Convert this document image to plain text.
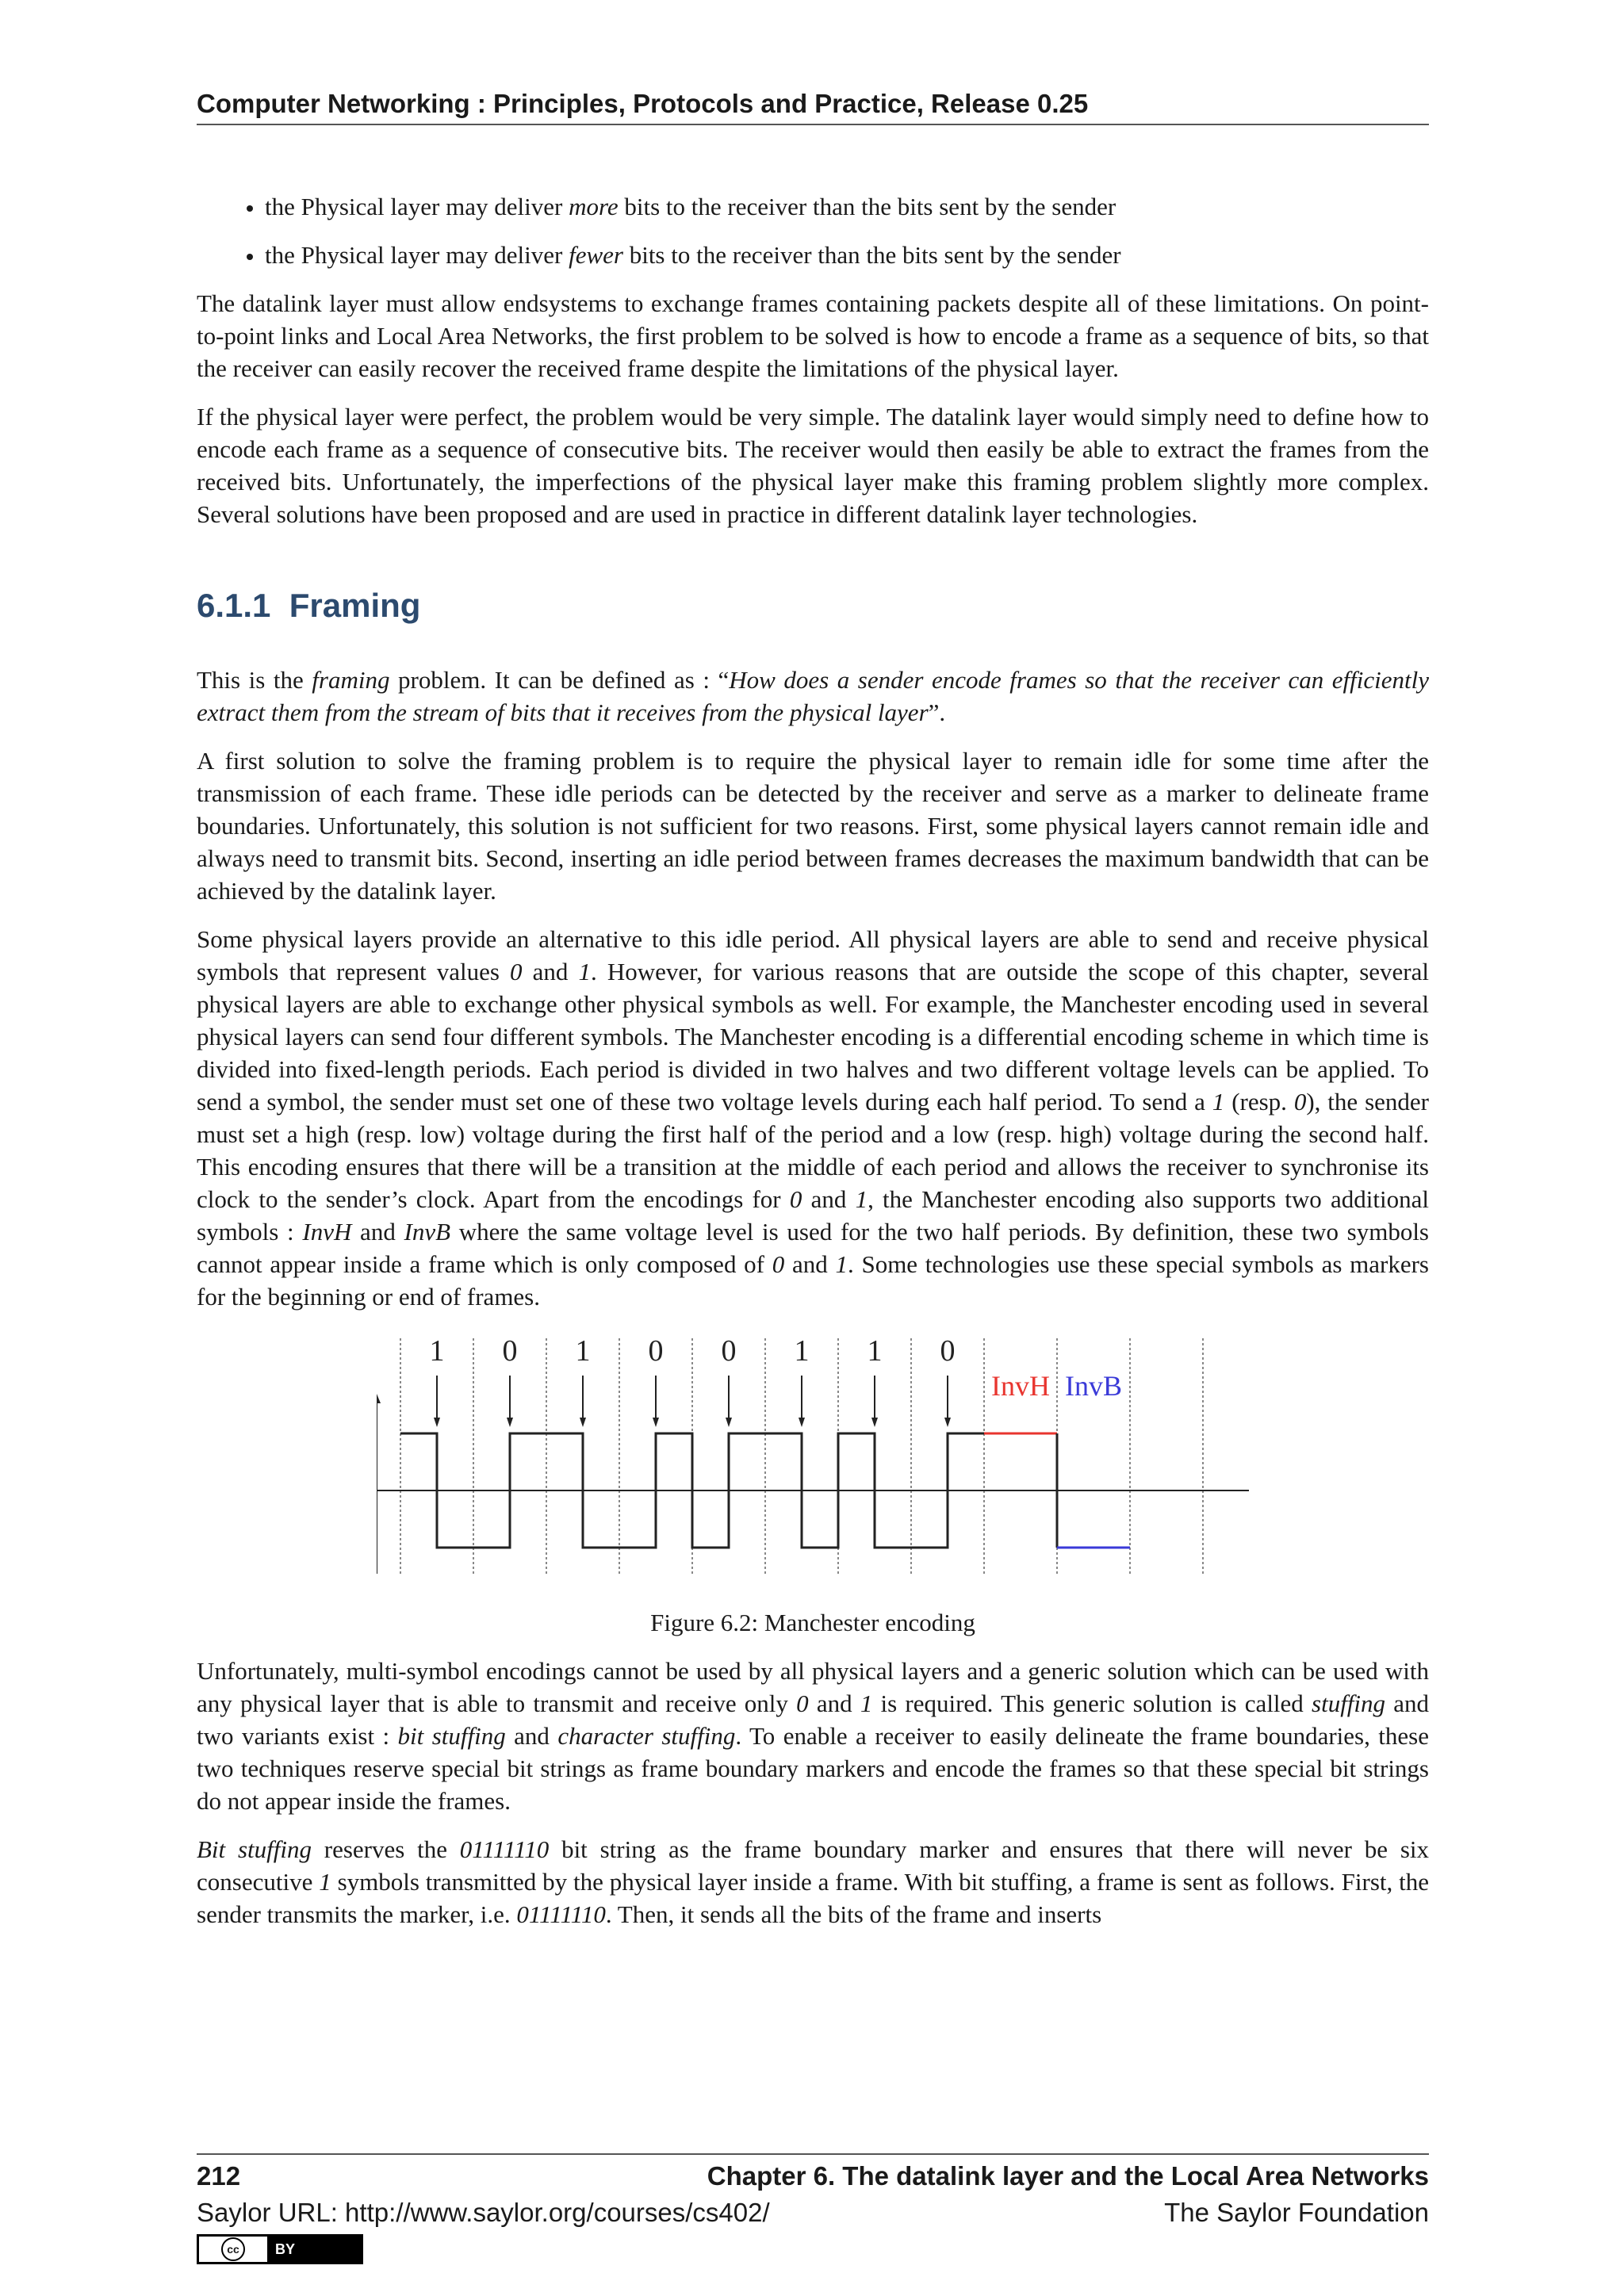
Computer Networking : Principles, Protocols and Practice, Release 0.25
• the Physical layer may deliver more bits to the receiver than the bits sent by the sender
• the Physical layer may deliver fewer bits to the receiver than the bits sent by the sender

The datalink layer must allow endsystems to exchange frames containing packets despite all of these limitations. On point-to-point links and Local Area Networks, the first problem to be solved is how to encode a frame as a sequence of bits, so that the receiver can easily recover the received frame despite the limitations of the physical layer.

If the physical layer were perfect, the problem would be very simple. The datalink layer would simply need to define how to encode each frame as a sequence of consecutive bits. The receiver would then easily be able to extract the frames from the received bits. Unfortunately, the imperfections of the physical layer make this framing problem slightly more complex. Several solutions have been proposed and are used in practice in different datalink layer technologies.

6.1.1 Framing

This is the framing problem. It can be defined as : “How does a sender encode frames so that the receiver can efficiently extract them from the stream of bits that it receives from the physical layer”.

A first solution to solve the framing problem is to require the physical layer to remain idle for some time after the transmission of each frame. These idle periods can be detected by the receiver and serve as a marker to delineate frame boundaries. Unfortunately, this solution is not sufficient for two reasons. First, some physical layers cannot remain idle and always need to transmit bits. Second, inserting an idle period between frames decreases the maximum bandwidth that can be achieved by the datalink layer.

Some physical layers provide an alternative to this idle period. All physical layers are able to send and receive physical symbols that represent values 0 and 1. However, for various reasons that are outside the scope of this chapter, several physical layers are able to exchange other physical symbols as well. For example, the Manchester encoding used in several physical layers can send four different symbols. The Manchester encoding is a differential encoding scheme in which time is divided into fixed-length periods. Each period is divided in two halves and two different voltage levels can be applied. To send a symbol, the sender must set one of these two voltage levels during each half period. To send a 1 (resp. 0), the sender must set a high (resp. low) voltage during the first half of the period and a low (resp. high) voltage during the second half. This encoding ensures that there will be a transition at the middle of each period and allows the receiver to synchronise its clock to the sender’s clock. Apart from the encodings for 0 and 1, the Manchester encoding also supports two additional symbols : InvH and InvB where the same voltage level is used for the two half periods. By definition, these two symbols cannot appear inside a frame which is only composed of 0 and 1. Some technologies use these special symbols as markers for the beginning or end of frames.

1 0 1 0 0 1 1 0
InvH InvB
Figure 6.2: Manchester encoding

Unfortunately, multi-symbol encodings cannot be used by all physical layers and a generic solution which can be used with any physical layer that is able to transmit and receive only 0 and 1 is required. This generic solution is called stuffing and two variants exist : bit stuffing and character stuffing. To enable a receiver to easily delineate the frame boundaries, these two techniques reserve special bit strings as frame boundary markers and encode the frames so that these special bit strings do not appear inside the frames.

Bit stuffing reserves the 01111110 bit string as the frame boundary marker and ensures that there will never be six consecutive 1 symbols transmitted by the physical layer inside a frame. With bit stuffing, a frame is sent as follows. First, the sender transmits the marker, i.e. 01111110. Then, it sends all the bits of the frame and inserts

212	Chapter 6. The datalink layer and the Local Area Networks
Saylor URL: http://www.saylor.org/courses/cs402/	The Saylor Foundation
cc	BY
